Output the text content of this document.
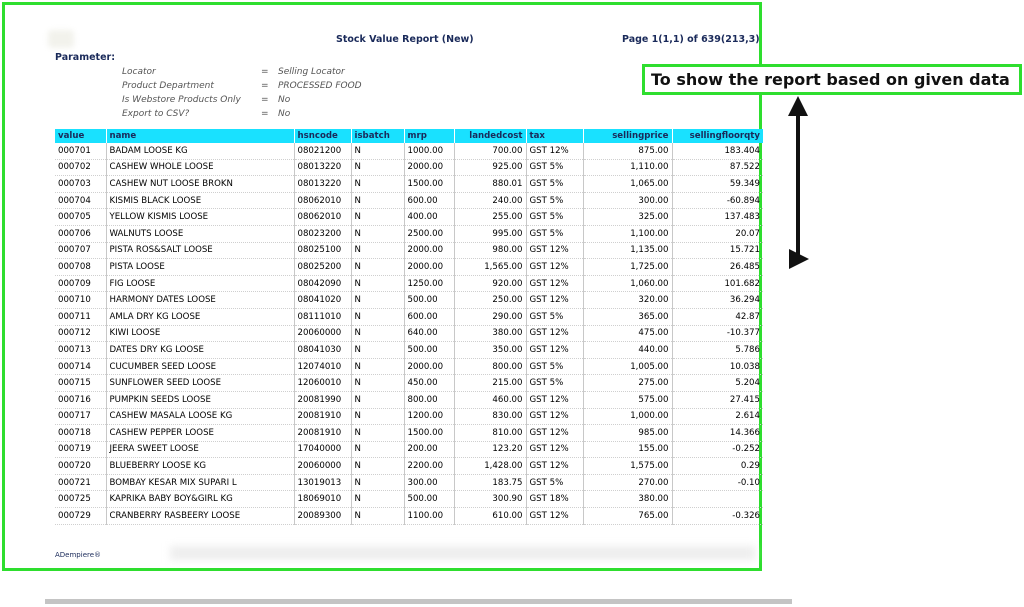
Stock Value Report (New)	Page 1(1,1) of 639(213,3)
Parameter:
Locator	= Selling Locator
Product Department	= PROCESSED FOOD
Is Webstore Products Only = No
Export to CSV?	= No
value	name	hsncode	isbatch	mrp	landedcost	tax	sellingprice	sellingfloorqty
000701	BADAM LOOSE KG	08021200	N	1000.00	700.00	GST 12%	875.00	183.404
000702	CASHEW WHOLE LOOSE	08013220	N	2000.00	925.00	GST 5%	1,110.00	87.522
000703	CASHEW NUT LOOSE BROKN	08013220	N	1500.00	880.01	GST 5%	1,065.00	59.349
000704	KISMIS BLACK LOOSE	08062010	N	600.00	240.00	GST 5%	300.00	-60.894
000705	YELLOW KISMIS LOOSE	08062010	N	400.00	255.00	GST 5%	325.00	137.483
000706	WALNUTS LOOSE	08023200	N	2500.00	995.00	GST 5%	1,100.00	20.07
000707	PISTA ROS&SALT LOOSE	08025100	N	2000.00	980.00	GST 12%	1,135.00	15.721
000708	PISTA LOOSE	08025200	N	2000.00	1,565.00	GST 12%	1,725.00	26.485
000709	FIG LOOSE	08042090	N	1250.00	920.00	GST 12%	1,060.00	101.682
000710	HARMONY DATES LOOSE	08041020	N	500.00	250.00	GST 12%	320.00	36.294
000711	AMLA DRY KG LOOSE	08111010	N	600.00	290.00	GST 5%	365.00	42.87
000712	KIWI LOOSE	20060000	N	640.00	380.00	GST 12%	475.00	-10.377
000713	DATES DRY KG LOOSE	08041030	N	500.00	350.00	GST 12%	440.00	5.786
000714	CUCUMBER SEED LOOSE	12074010	N	2000.00	800.00	GST 5%	1,005.00	10.038
000715	SUNFLOWER SEED LOOSE	12060010	N	450.00	215.00	GST 5%	275.00	5.204
000716	PUMPKIN SEEDS LOOSE	20081990	N	800.00	460.00	GST 12%	575.00	27.415
000717	CASHEW MASALA LOOSE KG	20081910	N	1200.00	830.00	GST 12%	1,000.00	2.614
000718	CASHEW PEPPER LOOSE	20081910	N	1500.00	810.00	GST 12%	985.00	14.366
000719	JEERA SWEET LOOSE	17040000	N	200.00	123.20	GST 12%	155.00	-0.252
000720	BLUEBERRY LOOSE KG	20060000	N	2200.00	1,428.00	GST 12%	1,575.00	0.29
000721	BOMBAY KESAR MIX SUPARI L	13019013	N	300.00	183.75	GST 5%	270.00	-0.10
000725	KAPRIKA BABY BOY&GIRL KG	18069010	N	500.00	300.90	GST 18%	380.00	
000729	CRANBERRY RASBEERY LOOSE	20089300	N	1100.00	610.00	GST 12%	765.00	-0.326
ADempiere®
To show the report based on given data
